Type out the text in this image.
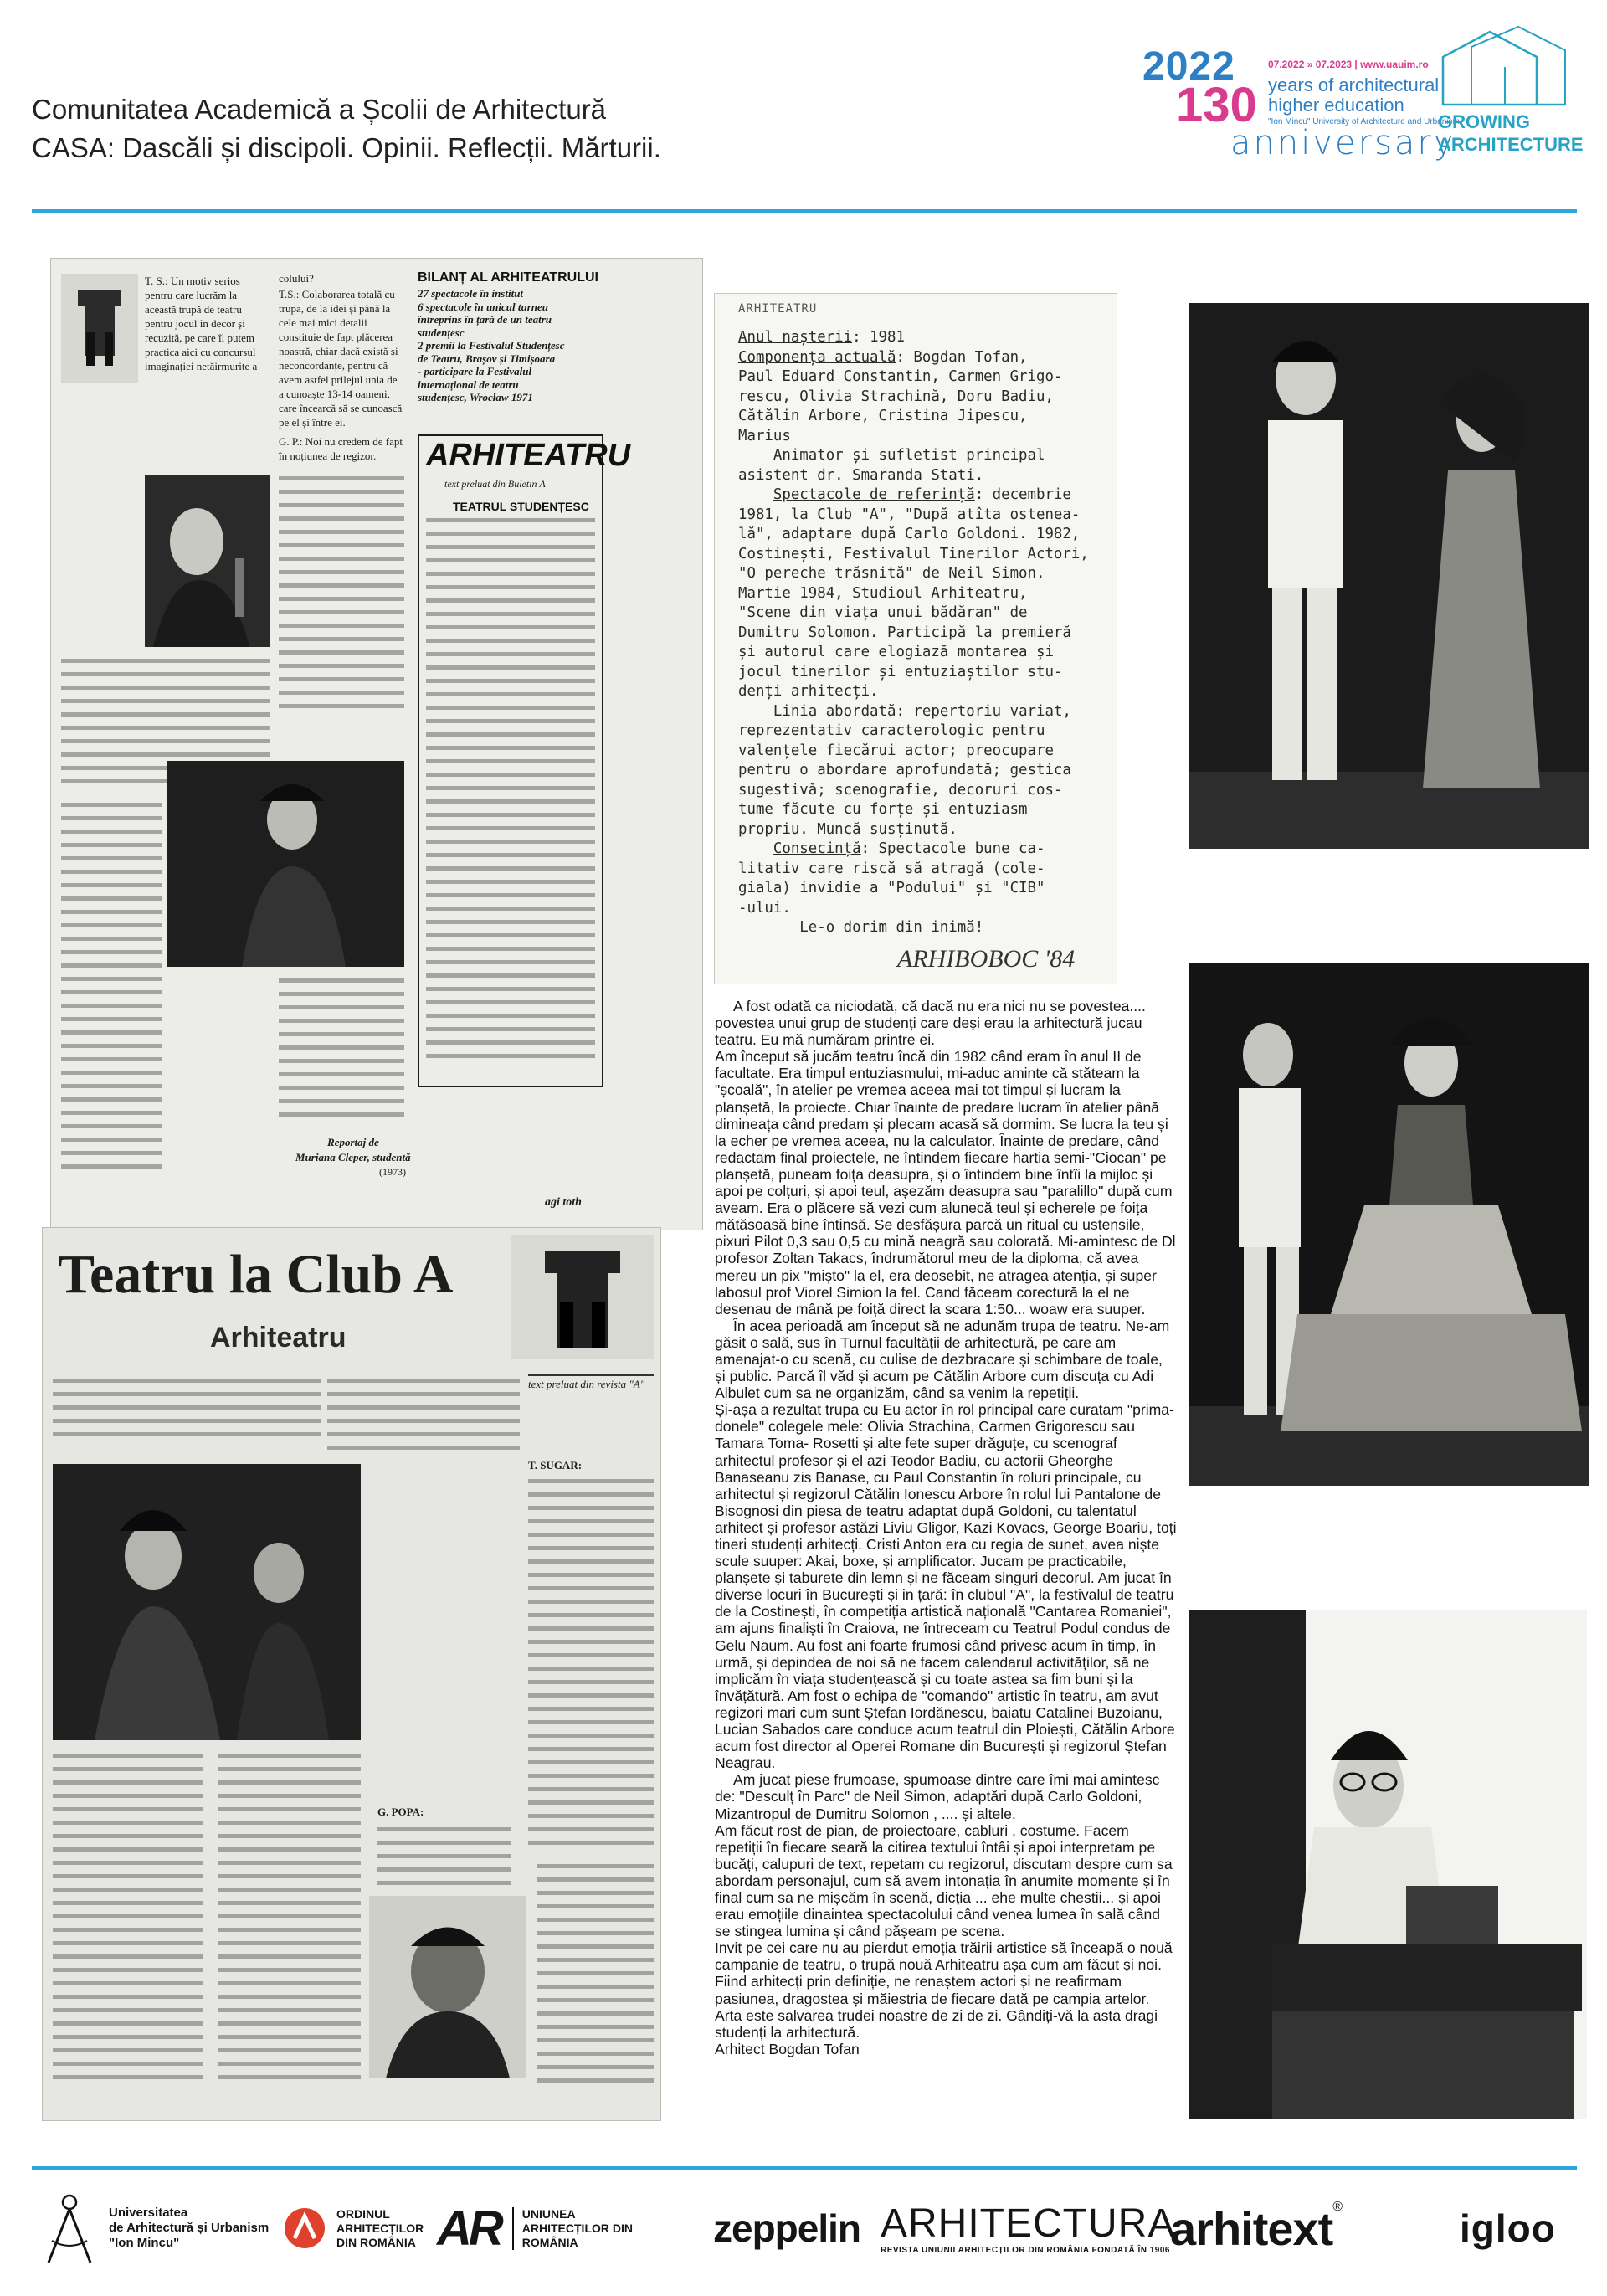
Comunitatea Academică a Școlii de Arhitectură
CASA: Dascăli și discipoli. Opinii. Reflecții. Mărturii.
2022
130
07.2022 » 07.2023 | www.uauim.ro
years of architectural
higher education
"Ion Mincu" University of Architecture and Urbanism
anniversary
GROWING
ARCHITECTURE
T. S.: Un motiv serios pentru care lucrăm la această trupă de teatru pentru jocul în decor și recuzită, pe care îl putem practica aici cu concursul imaginației netăirmurite a
colului?
T.S.: Colaborarea totală cu trupa, de la idei și până la cele mai mici detalii constituie de fapt plăcerea noastră, chiar dacă există și neconcordanțe, pentru că avem astfel prilejul unia de a cunoaște 13-14 oameni, care încearcă să se cunoască pe el și între ei.
G. P.: Noi nu credem de fapt în noțiunea de regizor.
BILANȚ AL ARHITEATRULUI
27 spectacole în institut
6 spectacole în unicul turneu
întreprins în țară de un teatru
studențesc
2 premii la Festivalul Studențesc
de Teatru, Brașov și Timișoara
- participare la Festivalul
internațional de teatru
studențesc, Wrocław 1971
ARHITEATRU
text preluat din Buletin A
TEATRUL STUDENȚESC
Reportaj de
Muriana Cleper, studentă
(1973)
agi toth
Teatru la Club A
Arhiteatru
text preluat din revista "A"
T. SUGAR:
G. POPA:
ARHITEATRU
Anul nașterii: 1981
Componența actuală: Bogdan Tofan,
Paul Eduard Constantin, Carmen Grigo-
rescu, Olivia Strachină, Doru Badiu,
Cătălin Arbore, Cristina Jipescu,
Marius
Animator și sufletist principal
asistent dr. Smaranda Stati.
Spectacole de referință: decembrie
1981, la Club "A", "După atîta ostenea-
lă", adaptare după Carlo Goldoni. 1982,
Costinești, Festivalul Tinerilor Actori,
"O pereche trăsnită" de Neil Simon.
Martie 1984, Studioul Arhiteatru,
"Scene din viața unui bădăran" de
Dumitru Solomon. Participă la premieră
și autorul care elogiază montarea și
jocul tinerilor și entuziaștilor stu-
denți arhitecți.
Linia abordată: repertoriu variat,
reprezentativ caracterologic pentru
valențele fiecărui actor; preocupare
pentru o abordare aprofundată; gestica
sugestivă; scenografie, decoruri cos-
tume făcute cu forțe și entuziasm
propriu. Muncă susținută.
Consecință: Spectacole bune ca-
litativ care riscă să atragă (cole-
giala) invidie a "Podului" și "CIB"
-ului.
Le-o dorim din inimă!
ARHIBOBOC '84

A fost odată ca niciodată, că dacă nu era nici nu se povestea.... povestea unui grup de studenți care deși erau la arhitectură jucau teatru. Eu mă număram printre ei.

Am început să jucăm teatru încă din 1982 când eram în anul II de facultate. Era timpul entuziasmului, mi-aduc aminte că stăteam la "școală", în atelier pe vremea aceea mai tot timpul și lucram la planșetă, la proiecte. Chiar înainte de predare lucram în atelier până dimineața când predam și plecam acasă să dormim. Se lucra la teu și la echer pe vremea aceea, nu la calculator. Înainte de predare, când redactam final proiectele, ne întindem fiecare hartia semi-"Ciocan" pe planșetă, puneam foița deasupra, și o întindem bine întîi la mijloc și apoi pe colțuri, și apoi teul, așezăm deasupra sau "paralillo" după cum aveam. Era o plăcere să vezi cum alunecă teul și echerele pe foița mătăsoasă bine întinsă. Se desfășura parcă un ritual cu ustensile, pixuri Pilot 0,3 sau 0,5 cu mină neagră sau colorată. Mi-amintesc de Dl profesor Zoltan Takacs, îndrumătorul meu de la diploma, că avea mereu un pix "mișto" la el, era deosebit, ne atragea atenția, și super labosul prof Viorel Simion la fel. Cand făceam corectură la el ne desenau de mână pe foiță direct la scara 1:50... woaw era suuper.

În acea perioadă am început să ne adunăm trupa de teatru. Ne-am găsit o sală, sus în Turnul facultății de arhitectură, pe care am amenajat-o cu scenă, cu culise de dezbracare și schimbare de toale, și public. Parcă îl văd și acum pe Cătălin Arbore cum discuța cu Adi Albulet cum sa ne organizăm, când sa venim la repetiții.

Și-așa a rezultat trupa cu Eu actor în rol principal care curatam "prima-donele" colegele mele: Olivia Strachina, Carmen Grigorescu sau Tamara Toma- Rosetti și alte fete super drăguțe, cu scenograf arhitectul profesor și el azi Teodor Badiu, cu actorii Gheorghe Banaseanu zis Banase, cu Paul Constantin în roluri principale, cu arhitectul și regizorul Cătălin Ionescu Arbore în rolul lui Pantalone de Bisognosi din piesa de teatru adaptat după Goldoni, cu talentatul arhitect și profesor astăzi Liviu Gligor, Kazi Kovacs, George Boariu, toți tineri studenți arhitecți. Cristi Anton era cu regia de sunet, avea niște scule suuper: Akai, boxe, și amplificator. Jucam pe practicabile, planșete și taburete din lemn și ne făceam singuri decorul. Am jucat în diverse locuri în București și in țară: în clubul "A", la festivalul de teatru de la Costinești, în competiția artistică națională "Cantarea Romaniei", am ajuns finaliști în Craiova, ne întreceam cu Teatrul Podul condus de Gelu Naum. Au fost ani foarte frumosi când privesc acum în timp, în urmă, și depindea de noi să ne facem calendarul activităților, să ne implicăm în viața studențească și cu toate astea sa fim buni și la învățătură. Am fost o echipa de "comando" artistic în teatru, am avut regizori mari cum sunt Ștefan Iordănescu, baiatu Catalinei Buzoianu, Lucian Sabados care conduce acum teatrul din Ploiești, Cătălin Arbore acum fost director al Operei Romane din București și regizorul Ștefan Neagrau.

Am jucat piese frumoase, spumoase dintre care îmi mai amintesc de: "Desculț în Parc" de Neil Simon, adaptări după Carlo Goldoni, Mizantropul de Dumitru Solomon , .... și altele.

Am făcut rost de pian, de proiectoare, cabluri , costume. Facem repetiții în fiecare seară la citirea textului întâi și apoi interpretam pe bucăți, calupuri de text, repetam cu regizorul, discutam despre cum sa abordam personajul, cum să avem intonația în anumite momente și în final cum sa ne mișcăm în scenă, dicția ... ehe multe chestii... și apoi erau emoțiile dinaintea spectacolului când venea lumea în sală când se stingea lumina și când pășeam pe scena.

Invit pe cei care nu au pierdut emoția trăirii artistice să înceapă o nouă campanie de teatru, o trupă nouă Arhiteatru așa cum am făcut și noi. Fiind arhitecți prin definiție, ne renaștem actori și ne reafirmam pasiunea, dragostea și măiestria de fiecare dată pe campia artelor. Arta este salvarea trudei noastre de zi de zi. Gândiți-vă la asta dragi studenți la arhitectură.

Arhitect Bogdan Tofan

Universitatea
de Arhitectură și Urbanism
"Ion Mincu"
ORDINUL
ARHITECȚILOR
DIN ROMÂNIA AR UNIUNEA
ARHITECȚILOR DIN
ROMÂNIA	zeppelin ARHITECTURA
REVISTA UNIUNII ARHITECȚILOR DIN ROMÂNIA FONDATĂ ÎN 1906 arhitext ®	igloo
